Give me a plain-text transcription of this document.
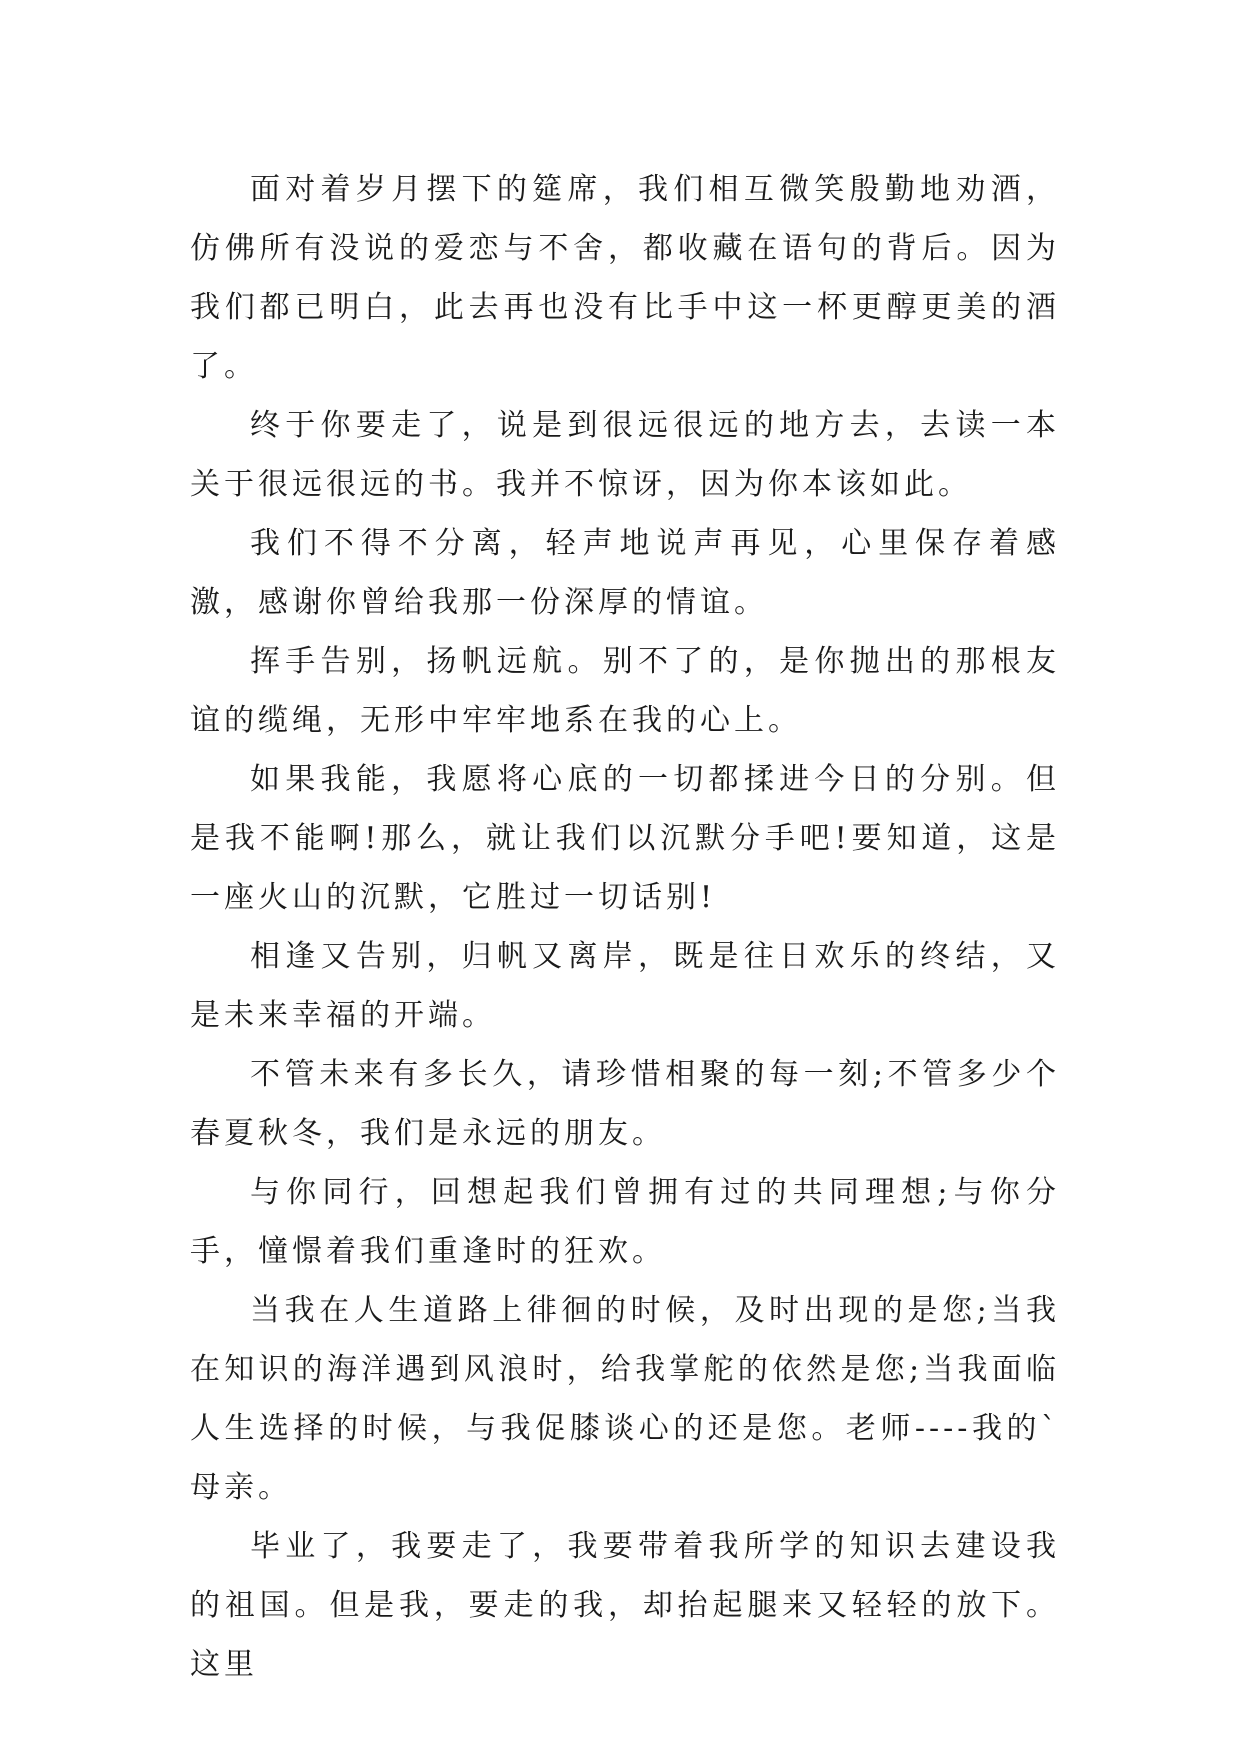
面对着岁月摆下的筵席，我们相互微笑殷勤地劝酒，仿佛所有没说的爱恋与不舍，都收藏在语句的背后。因为我们都已明白，此去再也没有比手中这一杯更醇更美的酒了。

终于你要走了，说是到很远很远的地方去，去读一本关于很远很远的书。我并不惊讶，因为你本该如此。

我们不得不分离，轻声地说声再见，心里保存着感激，感谢你曾给我那一份深厚的情谊。

挥手告别，扬帆远航。别不了的，是你抛出的那根友谊的缆绳，无形中牢牢地系在我的心上。

如果我能，我愿将心底的一切都揉进今日的分别。但是我不能啊!那么，就让我们以沉默分手吧!要知道，这是一座火山的沉默，它胜过一切话别!

相逢又告别，归帆又离岸，既是往日欢乐的终结，又是未来幸福的开端。

不管未来有多长久，请珍惜相聚的每一刻;不管多少个春夏秋冬，我们是永远的朋友。

与你同行，回想起我们曾拥有过的共同理想;与你分手，憧憬着我们重逢时的狂欢。

当我在人生道路上徘徊的时候，及时出现的是您;当我在知识的海洋遇到风浪时，给我掌舵的依然是您;当我面临人生选择的时候，与我促膝谈心的还是您。老师----我的`母亲。

毕业了，我要走了，我要带着我所学的知识去建设我的祖国。但是我，要走的我，却抬起腿来又轻轻的放下。这里
